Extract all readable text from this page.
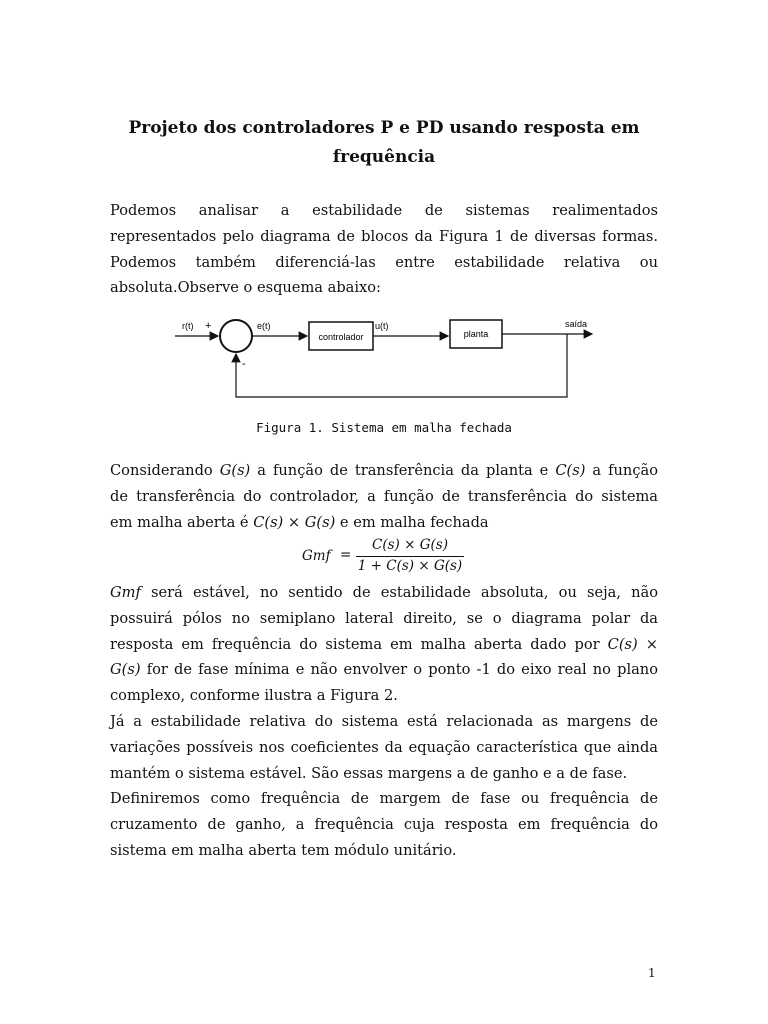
Projeto dos controladores P e PD usando resposta em frequência
Podemos analisar a estabilidade de sistemas realimentados
representados pelo diagrama de blocos da Figura 1 de diversas formas.
Podemos também diferenciá-las entre estabilidade relativa ou
absoluta.Observe o esquema abaixo:
r(t) +
-
e(t)
controlador
u(t)
planta
saída

Figura 1. Sistema em malha fechada

Considerando G(s) a função de transferência da planta e C(s) a função
de transferência do controlador, a função de transferência do sistema
em malha aberta é C(s) × G(s) e em malha fechada
Gmf =
C(s) × G(s)
1 + C(s) × G(s)
Gmf será estável, no sentido de estabilidade absoluta, ou seja, não
possuirá pólos no semiplano lateral direito, se o diagrama polar da
resposta em frequência do sistema em malha aberta dado por C(s) ×
G(s) for de fase mínima e não envolver o ponto -1 do eixo real no plano
complexo, conforme ilustra a Figura 2.
Já a estabilidade relativa do sistema está relacionada as margens de
variações possíveis nos coeficientes da equação característica que ainda
mantém o sistema estável. São essas margens a de ganho e a de fase.
Definiremos como frequência de margem de fase ou frequência de
cruzamento de ganho, a frequência cuja resposta em frequência do
sistema em malha aberta tem módulo unitário.
1
